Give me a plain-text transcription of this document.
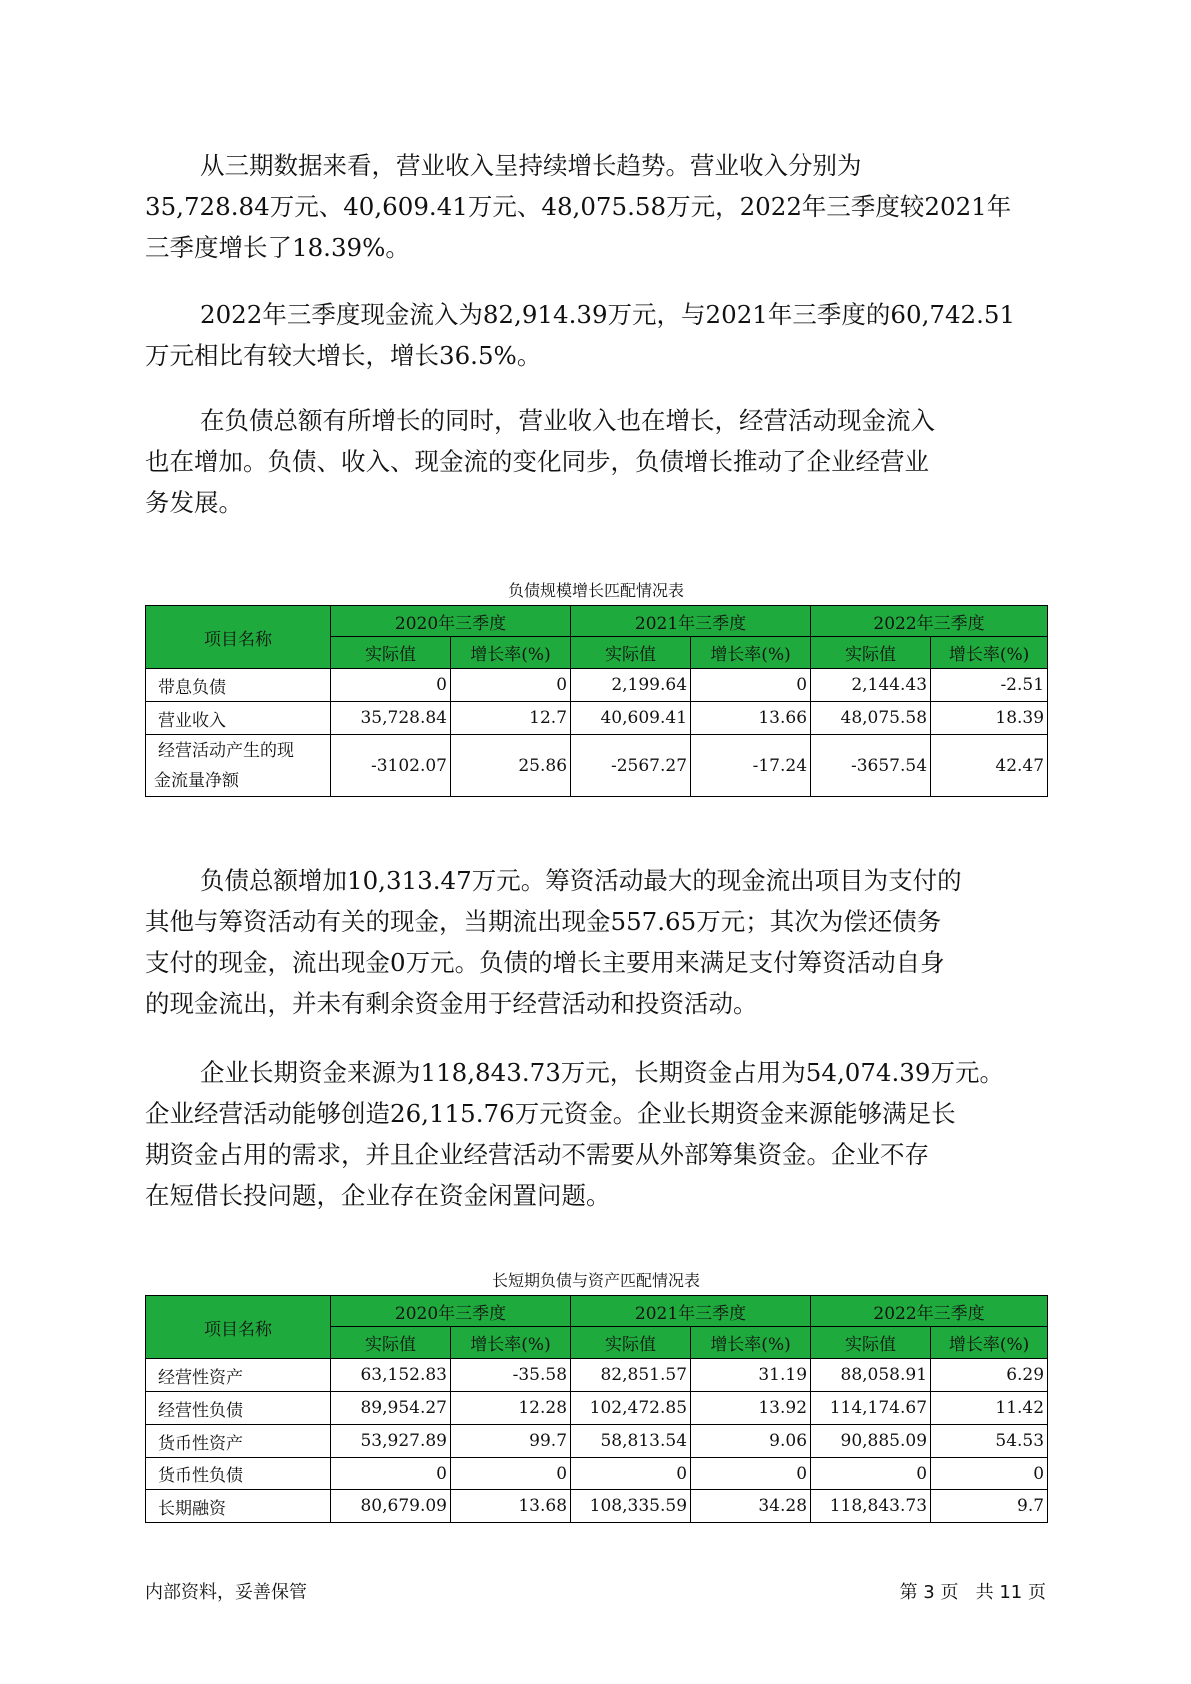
从三期数据来看，营业收入呈持续增长趋势。营业收入分别为
35,728.84万元、40,609.41万元、48,075.58万元，2022年三季度较2021年
三季度增长了18.39%。
2022年三季度现金流入为82,914.39万元，与2021年三季度的60,742.51
万元相比有较大增长，增长36.5%。
在负债总额有所增长的同时，营业收入也在增长，经营活动现金流入
也在增加。负债、收入、现金流的变化同步，负债增长推动了企业经营业
务发展。
负债规模增长匹配情况表
项目名称	2020年三季度		2021年三季度		2022年三季度	
	实际值	增长率(%)	实际值	增长率(%)	实际值	增长率(%)
带息负债	0	0	2,199.64	0	2,144.43	-2.51
营业收入	35,728.84	12.7	40,609.41	13.66	48,075.58	18.39

经营活动产生的现
金流量净额	-3102.07	25.86	-2567.27	-17.24	-3657.54	42.47
负债总额增加10,313.47万元。筹资活动最大的现金流出项目为支付的
其他与筹资活动有关的现金，当期流出现金557.65万元；其次为偿还债务
支付的现金，流出现金0万元。负债的增长主要用来满足支付筹资活动自身
的现金流出，并未有剩余资金用于经营活动和投资活动。
企业长期资金来源为118,843.73万元，长期资金占用为54,074.39万元。
企业经营活动能够创造26,115.76万元资金。企业长期资金来源能够满足长
期资金占用的需求，并且企业经营活动不需要从外部筹集资金。企业不存
在短借长投问题，企业存在资金闲置问题。
长短期负债与资产匹配情况表
项目名称	2020年三季度		2021年三季度		2022年三季度	
	实际值	增长率(%)	实际值	增长率(%)	实际值	增长率(%)
经营性资产	63,152.83	-35.58	82,851.57	31.19	88,058.91	6.29
经营性负债	89,954.27	12.28	102,472.85	13.92	114,174.67	11.42
货币性资产	53,927.89	99.7	58,813.54	9.06	90,885.09	54.53
货币性负债	0	0	0	0	0	0
长期融资	80,679.09	13.68	108,335.59	34.28	118,843.73	9.7
内部资料，妥善保管	第 3 页   共 11 页
